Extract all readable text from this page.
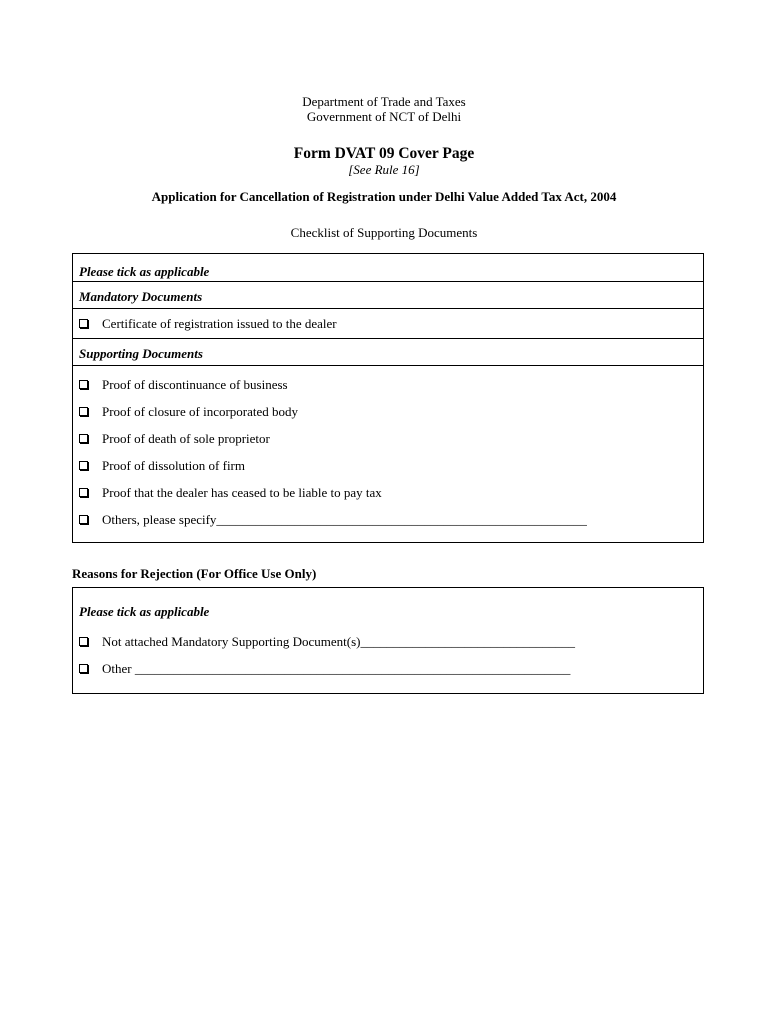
Department of Trade and Taxes
Government of NCT of Delhi
Form DVAT 09 Cover Page
[See Rule 16]
Application for Cancellation of Registration under Delhi Value Added Tax Act, 2004
Checklist of Supporting Documents
Please tick as applicable
Mandatory Documents
Certificate of registration issued to the dealer
Supporting Documents
Proof of discontinuance of business
Proof of closure of incorporated body
Proof of death of sole proprietor
Proof of dissolution of firm
Proof that the dealer has ceased to be liable to pay tax
Others, please specify_________________________________________________________
Reasons for Rejection (For Office Use Only)
Please tick as applicable
Not attached Mandatory Supporting Document(s)_________________________________
Other ___________________________________________________________________
